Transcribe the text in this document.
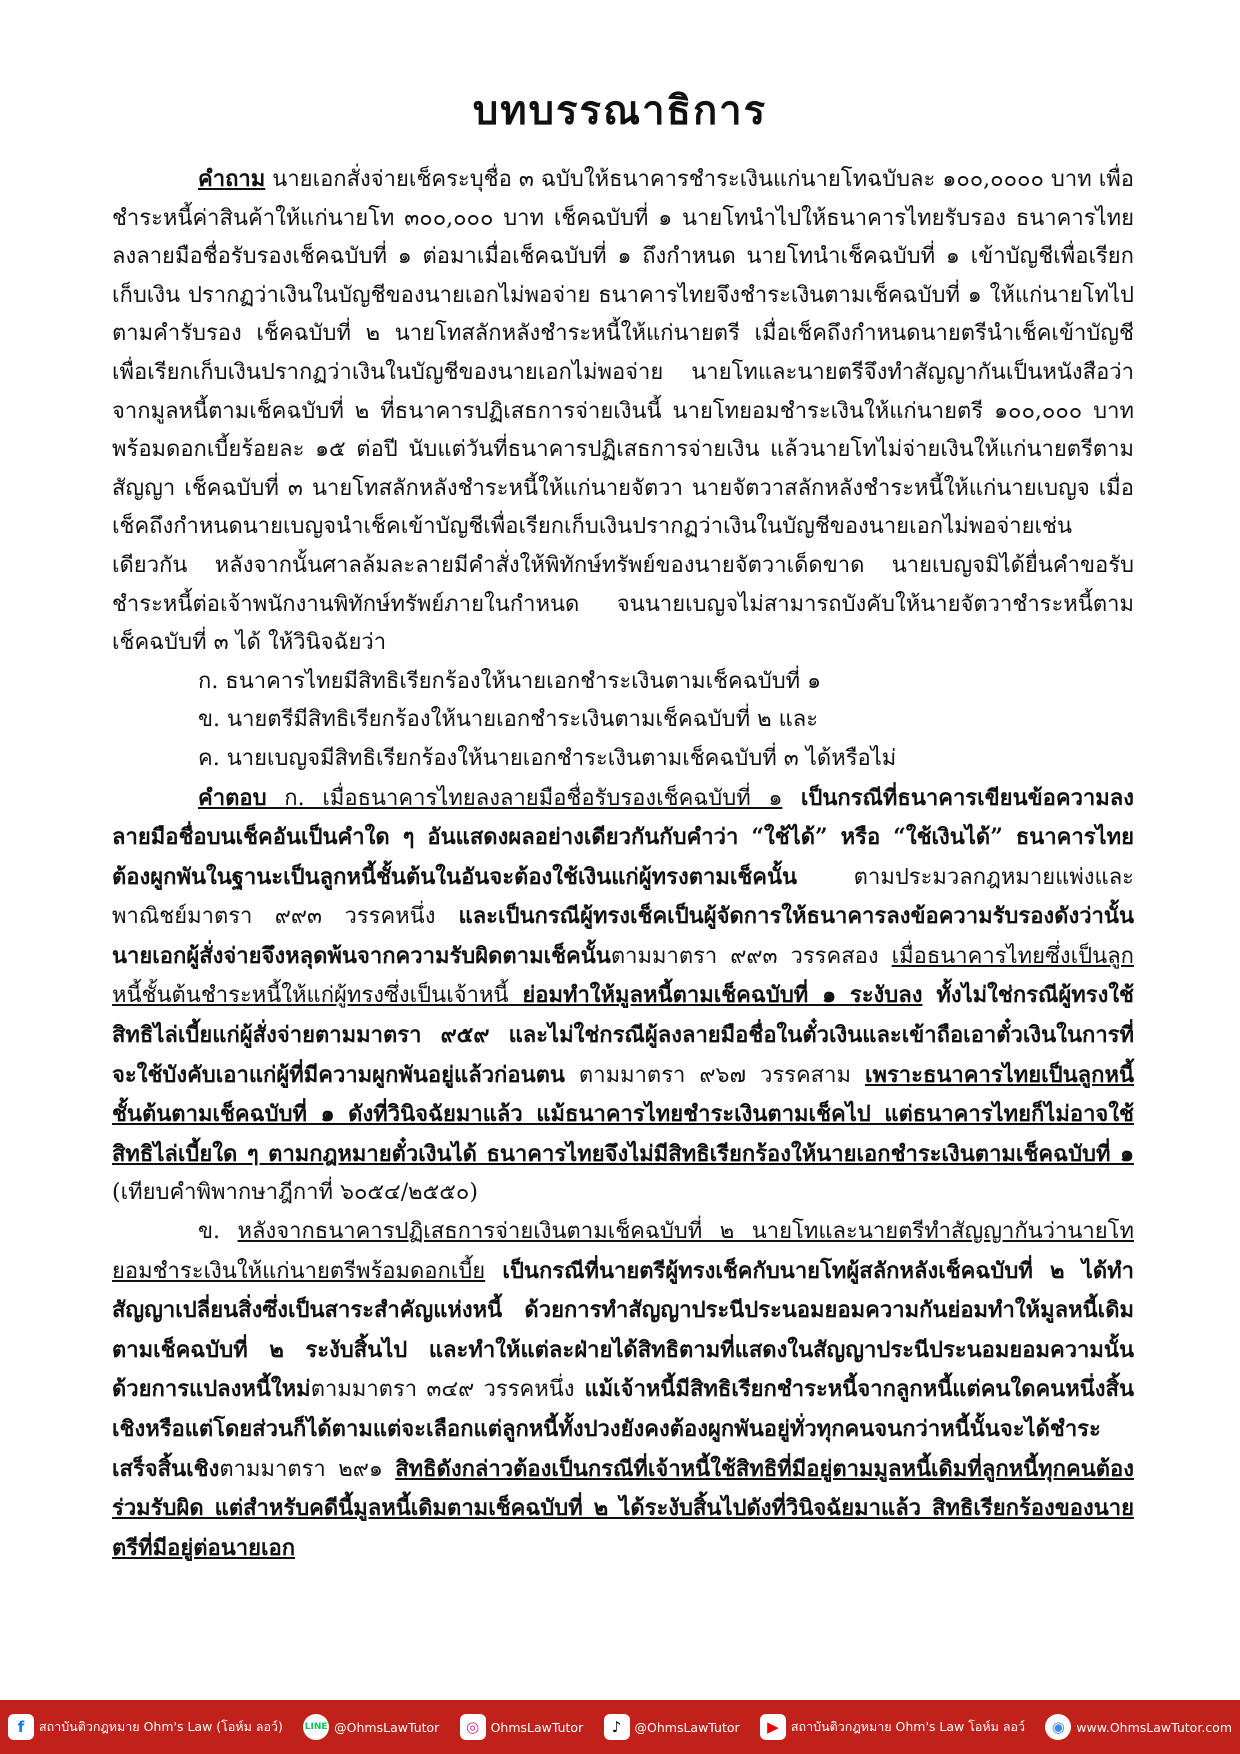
บทบรรณาธิการ

คำถาม นายเอกสั่งจ่ายเช็คระบุชื่อ ๓ ฉบับให้ธนาคารชำระเงินแก่นายโทฉบับละ ๑๐๐,๐๐๐๐ บาท เพื่อชำระหนี้ค่าสินค้าให้แก่นายโท ๓๐๐,๐๐๐ บาท เช็คฉบับที่ ๑ นายโทนำไปให้ธนาคารไทยรับรอง ธนาคารไทยลงลายมือชื่อรับรองเช็คฉบับที่ ๑ ต่อมาเมื่อเช็คฉบับที่ ๑ ถึงกำหนด นายโทนำเช็คฉบับที่ ๑ เข้าบัญชีเพื่อเรียกเก็บเงิน ปรากฏว่าเงินในบัญชีของนายเอกไม่พอจ่าย ธนาคารไทยจึงชำระเงินตามเช็คฉบับที่ ๑ ให้แก่นายโทไปตามคำรับรอง เช็คฉบับที่ ๒ นายโทสลักหลังชำระหนี้ให้แก่นายตรี เมื่อเช็คถึงกำหนดนายตรีนำเช็คเข้าบัญชีเพื่อเรียกเก็บเงินปรากฏว่าเงินในบัญชีของนายเอกไม่พอจ่าย นายโทและนายตรีจึงทำสัญญากันเป็นหนังสือว่าจากมูลหนี้ตามเช็คฉบับที่ ๒ ที่ธนาคารปฏิเสธการจ่ายเงินนี้ นายโทยอมชำระเงินให้แก่นายตรี ๑๐๐,๐๐๐ บาท พร้อมดอกเบี้ยร้อยละ ๑๕ ต่อปี นับแต่วันที่ธนาคารปฏิเสธการจ่ายเงิน แล้วนายโทไม่จ่ายเงินให้แก่นายตรีตามสัญญา เช็คฉบับที่ ๓ นายโทสลักหลังชำระหนี้ให้แก่นายจัตวา นายจัตวาสลักหลังชำระหนี้ให้แก่นายเบญจ เมื่อเช็คถึงกำหนดนายเบญจนำเช็คเข้าบัญชีเพื่อเรียกเก็บเงินปรากฏว่าเงินในบัญชีของนายเอกไม่พอจ่ายเช่นเดียวกัน หลังจากนั้นศาลล้มละลายมีคำสั่งให้พิทักษ์ทรัพย์ของนายจัตวาเด็ดขาด นายเบญจมิได้ยื่นคำขอรับชำระหนี้ต่อเจ้าพนักงานพิทักษ์ทรัพย์ภายในกำหนด จนนายเบญจไม่สามารถบังคับให้นายจัตวาชำระหนี้ตามเช็คฉบับที่ ๓ ได้ ให้วินิจฉัยว่า

ก. ธนาคารไทยมีสิทธิเรียกร้องให้นายเอกชำระเงินตามเช็คฉบับที่ ๑

ข. นายตรีมีสิทธิเรียกร้องให้นายเอกชำระเงินตามเช็คฉบับที่ ๒ และ

ค. นายเบญจมีสิทธิเรียกร้องให้นายเอกชำระเงินตามเช็คฉบับที่ ๓ ได้หรือไม่

คำตอบ ก. เมื่อธนาคารไทยลงลายมือชื่อรับรองเช็คฉบับที่ ๑ เป็นกรณีที่ธนาคารเขียนข้อความลงลายมือชื่อบนเช็คอันเป็นคำใด ๆ อันแสดงผลอย่างเดียวกันกับคำว่า “ใช้ได้” หรือ “ใช้เงินได้” ธนาคารไทยต้องผูกพันในฐานะเป็นลูกหนี้ชั้นต้นในอันจะต้องใช้เงินแก่ผู้ทรงตามเช็คนั้น ตามประมวลกฎหมายแพ่งและพาณิชย์มาตรา ๙๙๓ วรรคหนึ่ง และเป็นกรณีผู้ทรงเช็คเป็นผู้จัดการให้ธนาคารลงข้อความรับรองดังว่านั้น นายเอกผู้สั่งจ่ายจึงหลุดพ้นจากความรับผิดตามเช็คนั้นตามมาตรา ๙๙๓ วรรคสอง เมื่อธนาคารไทยซึ่งเป็นลูกหนี้ชั้นต้นชำระหนี้ให้แก่ผู้ทรงซึ่งเป็นเจ้าหนี้ ย่อมทำให้มูลหนี้ตามเช็คฉบับที่ ๑ ระงับลง ทั้งไม่ใช่กรณีผู้ทรงใช้สิทธิไล่เบี้ยแก่ผู้สั่งจ่ายตามมาตรา ๙๕๙ และไม่ใช่กรณีผู้ลงลายมือชื่อในตั๋วเงินและเข้าถือเอาตั๋วเงินในการที่จะใช้บังคับเอาแก่ผู้ที่มีความผูกพันอยู่แล้วก่อนตน ตามมาตรา ๙๖๗ วรรคสาม เพราะธนาคารไทยเป็นลูกหนี้ชั้นต้นตามเช็คฉบับที่ ๑ ดังที่วินิจฉัยมาแล้ว แม้ธนาคารไทยชำระเงินตามเช็คไป แต่ธนาคารไทยก็ไม่อาจใช้สิทธิไล่เบี้ยใด ๆ ตามกฎหมายตั๋วเงินได้ ธนาคารไทยจึงไม่มีสิทธิเรียกร้องให้นายเอกชำระเงินตามเช็คฉบับที่ ๑ (เทียบคำพิพากษาฎีกาที่ ๖๐๕๔/๒๕๕๐)

ข. หลังจากธนาคารปฏิเสธการจ่ายเงินตามเช็คฉบับที่ ๒ นายโทและนายตรีทำสัญญากันว่านายโทยอมชำระเงินให้แก่นายตรีพร้อมดอกเบี้ย เป็นกรณีที่นายตรีผู้ทรงเช็คกับนายโทผู้สลักหลังเช็คฉบับที่ ๒ ได้ทำสัญญาเปลี่ยนสิ่งซึ่งเป็นสาระสำคัญแห่งหนี้ ด้วยการทำสัญญาประนีประนอมยอมความกันย่อมทำให้มูลหนี้เดิมตามเช็คฉบับที่ ๒ ระงับสิ้นไป และทำให้แต่ละฝ่ายได้สิทธิตามที่แสดงในสัญญาประนีประนอมยอมความนั้น ด้วยการแปลงหนี้ใหม่ตามมาตรา ๓๔๙ วรรคหนึ่ง แม้เจ้าหนี้มีสิทธิเรียกชำระหนี้จากลูกหนี้แต่คนใดคนหนึ่งสิ้นเชิงหรือแต่โดยส่วนก็ได้ตามแต่จะเลือกแต่ลูกหนี้ทั้งปวงยังคงต้องผูกพันอยู่ทั่วทุกคนจนกว่าหนี้นั้นจะได้ชำระเสร็จสิ้นเชิงตามมาตรา ๒๙๑ สิทธิดังกล่าวต้องเป็นกรณีที่เจ้าหนี้ใช้สิทธิที่มีอยู่ตามมูลหนี้เดิมที่ลูกหนี้ทุกคนต้องร่วมรับผิด แต่สำหรับคดีนี้มูลหนี้เดิมตามเช็คฉบับที่ ๒ ได้ระงับสิ้นไปดังที่วินิจฉัยมาแล้ว สิทธิเรียกร้องของนายตรีที่มีอยู่ต่อนายเอก

f	สถาบันติวกฎหมาย Ohm's Law (โอห์ม ลอว์) LINE @OhmsLawTutor	◎ OhmsLawTutor	♪	@OhmsLawTutor	▶ สถาบันติวกฎหมาย Ohm's Law โอห์ม ลอว์	◉ www.OhmsLawTutor.com
